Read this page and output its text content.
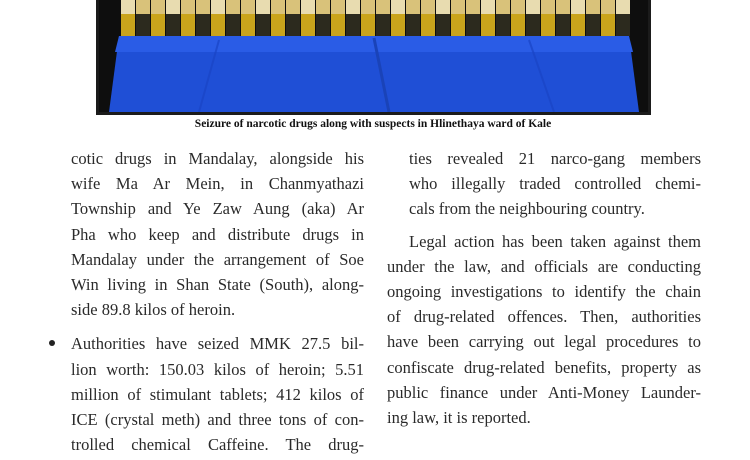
Seizure of narcotic drugs along with suspects in Hlinethaya ward of Kale

cotic drugs in Mandalay, alongside his
wife Ma Ar Mein, in Chanmyathazi
Township and Ye Zaw Aung (aka) Ar
Pha who keep and distribute drugs in
Mandalay under the arrangement of Soe
Win living in Shan State (South), along-
side 89.8 kilos of heroin.

Authorities have seized MMK 27.5 bil-
lion worth: 150.03 kilos of heroin; 5.51
million of stimulant tablets; 412 kilos of
ICE (crystal meth) and three tons of con-
trolled chemical Caffeine. The drug-

ties revealed 21 narco-gang members
who illegally traded controlled chemi-
cals from the neighbouring country.

Legal action has been taken against them
under the law, and officials are conducting
ongoing investigations to identify the chain
of drug-related offences. Then, authorities
have been carrying out legal procedures to
confiscate drug-related benefits, property as
public finance under Anti-Money Launder-
ing law, it is reported.
